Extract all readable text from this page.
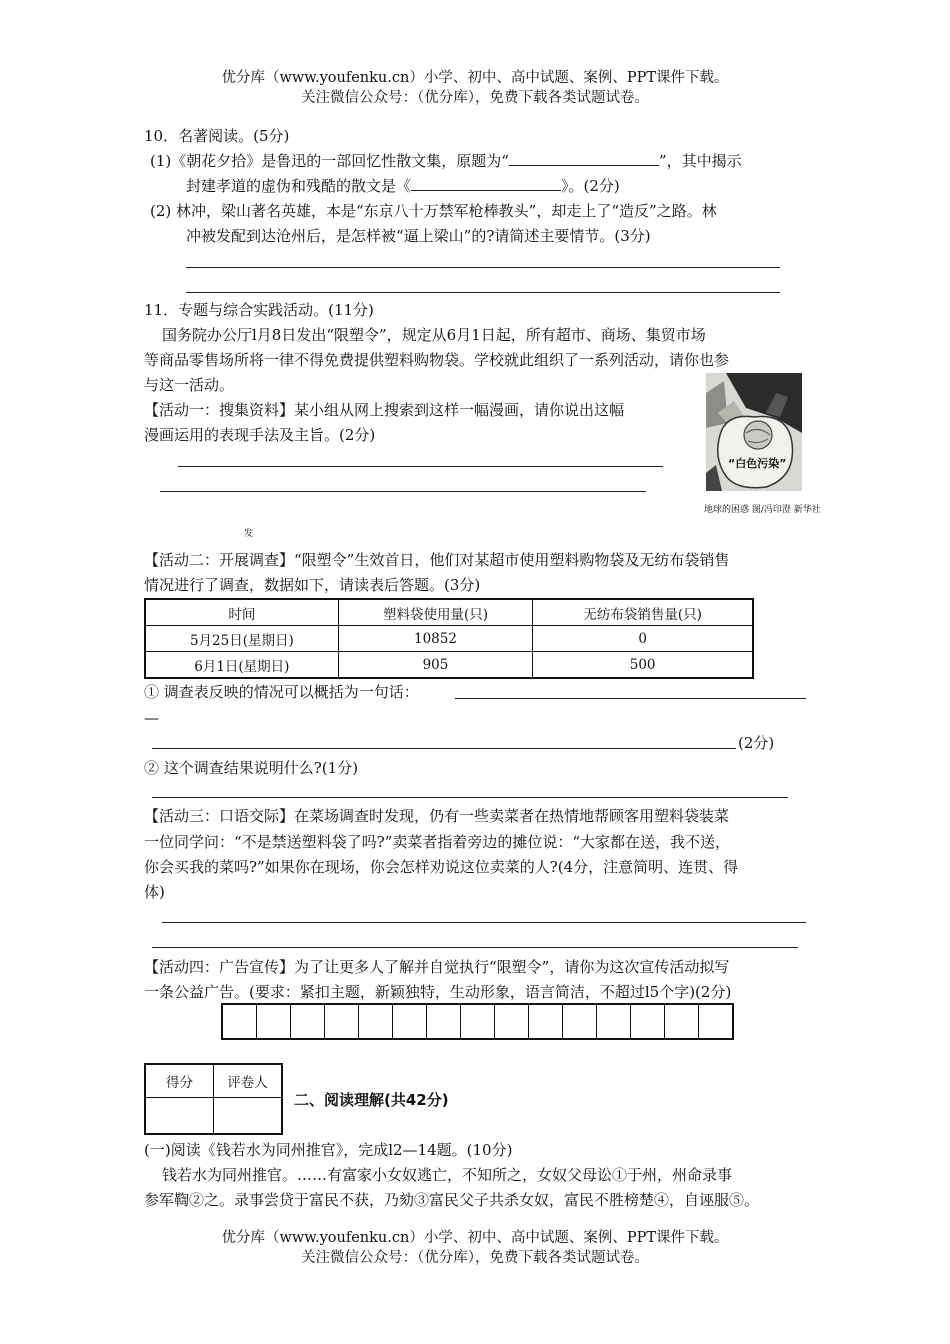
优分库（www.youfenku.cn）小学、初中、高中试题、案例、PPT课件下载。
关注微信公众号：（优分库），免费下载各类试题试卷。
10．名著阅读。(5分)
(1)《朝花夕拾》是鲁迅的一部回忆性散文集，原题为“	”，其中揭示
封建孝道的虚伪和残酷的散文是《	》。(2分)
(2) 林冲，梁山著名英雄，本是“东京八十万禁军枪棒教头”，却走上了“造反”之路。林
冲被发配到达沧州后，是怎样被“逼上梁山”的?请简述主要情节。(3分)
11．专题与综合实践活动。(11分)
国务院办公厅l月8日发出“限塑令”，规定从6月1日起，所有超市、商场、集贸市场
等商品零售场所将一律不得免费提供塑料购物袋。学校就此组织了一系列活动，请你也参
与这一活动。
【活动一：搜集资料】某小组从网上搜索到这样一幅漫画，请你说出这幅
漫画运用的表现手法及主旨。(2分)
“白色污染”
地球的困惑 图/冯印澄 新华社
发
【活动二：开展调查】“限塑令”生效首日，他们对某超市使用塑料购物袋及无纺布袋销售
情况进行了调查，数据如下，请读表后答题。(3分)
时间	塑料袋使用量(只)	无纺布袋销售量(只)
5月25日(星期日)	10852	0
6月1日(星期日)	905	500
① 调查表反映的情况可以概括为一句话：
—
(2分)
② 这个调查结果说明什么?(1分)
【活动三：口语交际】在菜场调查时发现，仍有一些卖菜者在热情地帮顾客用塑料袋装菜
一位同学问：“不是禁送塑料袋了吗?”卖菜者指着旁边的摊位说：“大家都在送，我不送，
你会买我的菜吗?”如果你在现场，你会怎样劝说这位卖菜的人?(4分，注意简明、连贯、得
体)
【活动四：广告宣传】为了让更多人了解并自觉执行“限塑令”，请你为这次宣传活动拟写
一条公益广告。(要求：紧扣主题，新颖独特，生动形象，语言简洁，不超过l5个字)(2分)
得分	评卷人

二、阅读理解(共42分)
(一)阅读《钱若水为同州推官》，完成l2—14题。(10分)
钱若水为同州推官。……有富家小女奴逃亡，不知所之，女奴父母讼①于州，州命录事
参军鞫②之。录事尝贷于富民不获，乃劾③富民父子共杀女奴，富民不胜榜楚④，自诬服⑤。
优分库（www.youfenku.cn）小学、初中、高中试题、案例、PPT课件下载。
关注微信公众号：（优分库），免费下载各类试题试卷。
